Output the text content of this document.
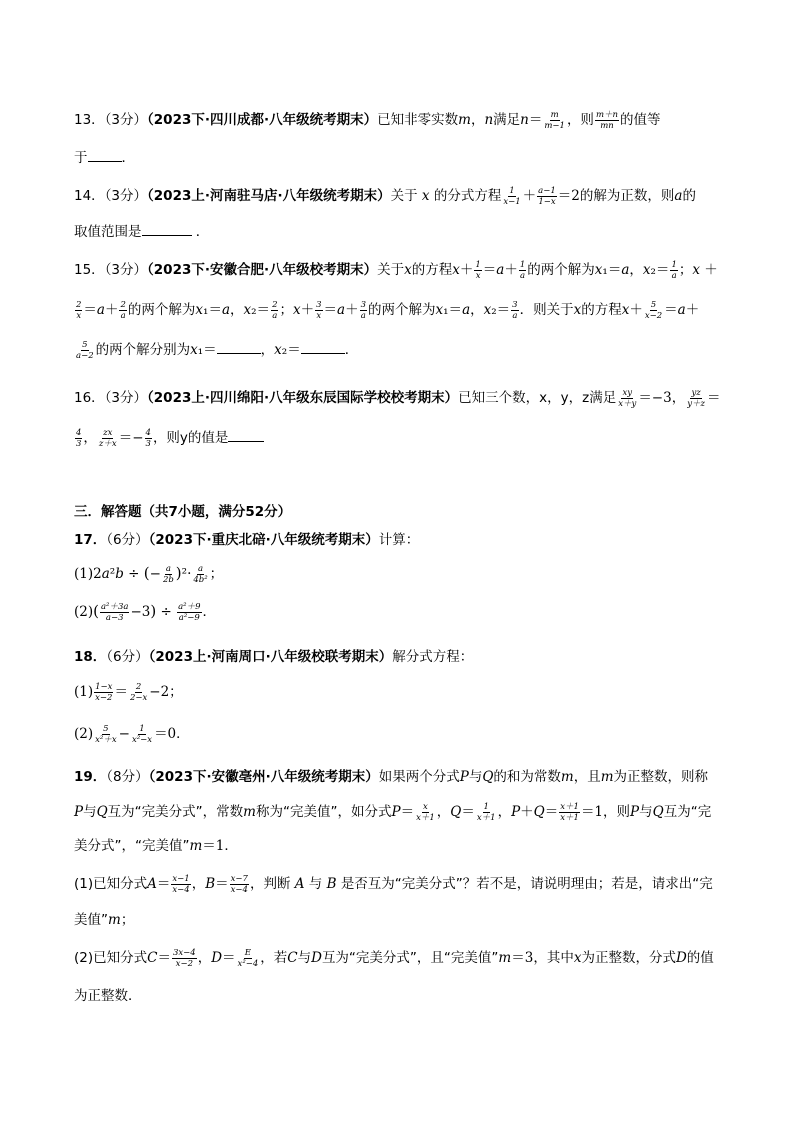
13．（3分）（2023下·四川成都·八年级统考期末）已知非零实数m，n满足$n= \frac{m}{m-1}$ ，则 $\frac{m+n}{mn}$ 的值等
于	．
14．（3分）（2023上·河南驻马店·八年级统考期末）关于 x 的分式方程 $\frac{1}{x-1} + \frac{a-1}{1-x} =2$的解为正数，则a的
取值范围是	．
15．（3分）（2023下·安徽合肥·八年级校考期末）关于x的方程$x+ \frac{1}{x} =a+ \frac{1}{a}$ 的两个解为x₁＝a，$x_2= \frac{1}{a}$ ；x ＋
$\frac{2}{x} =a+ \frac{2}{a}$ 的两个解为x₁＝a，$x_2= \frac{2}{a}$ ；$x+ \frac{3}{x} =a+ \frac{3}{a}$ 的两个解为x₁＝a，$x_2= \frac{3}{a}$ ．则关于x的方程$x+ \frac{5}{x-2} =a+$
$\frac{5}{a-2}$ 的两个解分别为x₁＝	，x₂＝	．
16．（3分）（2023上·四川绵阳·八年级东辰国际学校校考期末）已知三个数，x，y，z满足 $\frac{xy}{x+y} =-3$， $\frac{yz}{y+z}$ ＝
$\frac{4}{3}$ ， $\frac{zx}{z+x} =- \frac{4}{3}$ ，则y的值是
三．解答题（共7小题，满分52分）
17．（6分）（2023下·重庆北碚·八年级统考期末）计算：
(1)2a²b ÷ (− $\frac{a}{2b} )^2\cdot \frac{a}{\text{4b²}}$ ；
$(2)( \frac{\text{a²＋3a}}{a-3} -3) \div \frac{\text{a²＋9}}{\text{a²−9}}$ ．
18．（6分）（2023上·河南周口·八年级校联考期末）解分式方程：
$(1) \frac{1-x}{x-2} = \frac{2}{2-x} -2$；
$(2) \frac{5}{\text{x²＋x}} - \frac{1}{\text{x²−x}} =0$．
19．（8分）（2023下·安徽亳州·八年级统考期末）如果两个分式P与Q的和为常数m，且m为正整数，则称
P与Q互为“完美分式”，常数m称为“完美值”，如分式$P= \frac{x}{x+1}$ ，$Q= \frac{1}{x+1}$ ，$P+Q= \frac{x+1}{x+1} =1$，则P与Q互为“完
美分式”，“完美值”m＝1．
(1)已知分式$A= \frac{x-1}{x-4}$ ，$B= \frac{x-7}{x-4}$ ，判断 A 与 B 是否互为“完美分式”？若不是，请说明理由；若是，请求出“完
美值”m；
(2)已知分式$C= \frac{3x-4}{x-2}$ ，$D= \frac{E}{\text{x²−4}}$ ，若C与D互为“完美分式”，且“完美值”m＝3，其中x为正整数，分式D的值
为正整数．
